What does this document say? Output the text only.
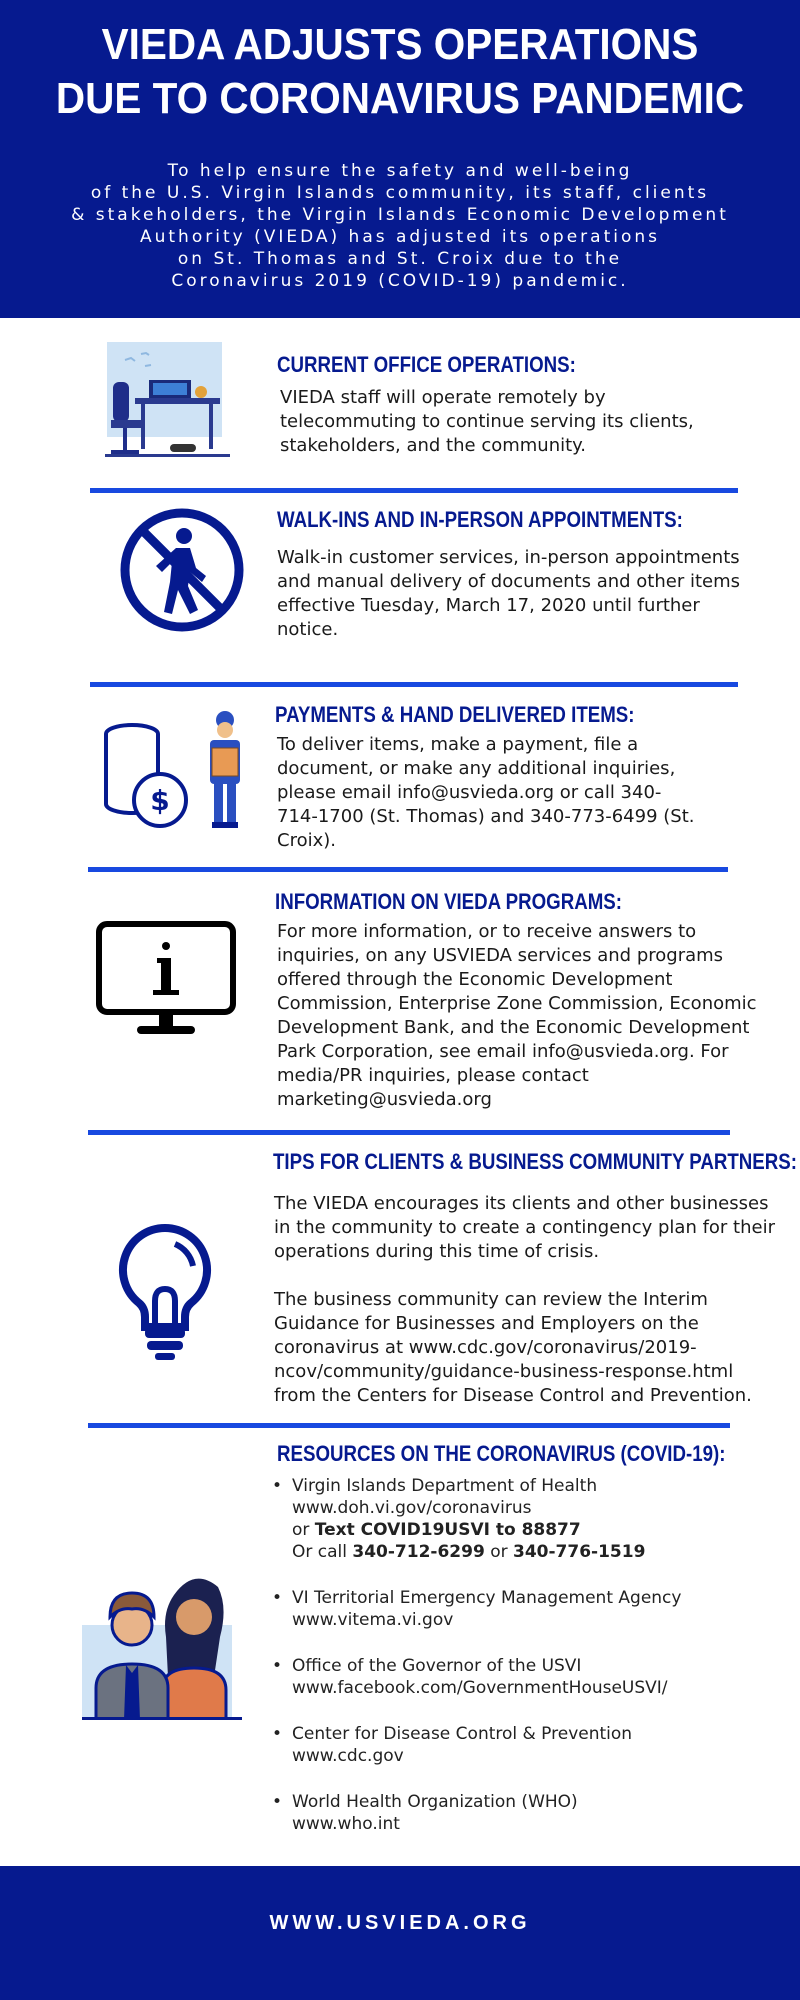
VIEDA ADJUSTS OPERATIONS
DUE TO CORONAVIRUS PANDEMIC
To help ensure the safety and well-being
of the U.S. Virgin Islands community, its staff, clients
& stakeholders, the Virgin Islands Economic Development
Authority (VIEDA) has adjusted its operations
on St. Thomas and St. Croix due to the
Coronavirus 2019 (COVID-19) pandemic.
CURRENT OFFICE OPERATIONS:

VIEDA staff will operate remotely by telecommuting to continue serving its clients, stakeholders, and the community.

WALK-INS AND IN-PERSON APPOINTMENTS:

Walk-in customer services, in-person appointments and manual delivery of documents and other items effective Tuesday, March 17, 2020 until further notice.

$
PAYMENTS & HAND DELIVERED ITEMS:

To deliver items, make a payment, file a document, or make any additional inquiries, please email info@usvieda.org or call 340-714-1700 (St. Thomas) and 340-773-6499 (St. Croix).

INFORMATION ON VIEDA PROGRAMS:

For more information, or to receive answers to inquiries, on any USVIEDA services and programs offered through the Economic Development Commission, Enterprise Zone Commission, Economic Development Bank, and the Economic Development Park Corporation, see email info@usvieda.org. For media/PR inquiries, please contact marketing@usvieda.org

TIPS FOR CLIENTS & BUSINESS COMMUNITY PARTNERS:

The VIEDA encourages its clients and other businesses in the community to create a contingency plan for their operations during this time of crisis.

The business community can review the Interim Guidance for Businesses and Employers on the coronavirus at www.cdc.gov/coronavirus/2019-ncov/community/guidance-business-response.html from the Centers for Disease Control and Prevention.

RESOURCES ON THE CORONAVIRUS (COVID-19):
• Virgin Islands Department of Health
www.doh.vi.gov/coronavirus
or Text COVID19USVI to 88877
Or call 340-712-6299 or 340-776-1519
• VI Territorial Emergency Management Agency
www.vitema.vi.gov
• Office of the Governor of the USVI
www.facebook.com/GovernmentHouseUSVI/
• Center for Disease Control & Prevention
www.cdc.gov
• World Health Organization (WHO)
www.who.int
WWW.USVIEDA.ORG
